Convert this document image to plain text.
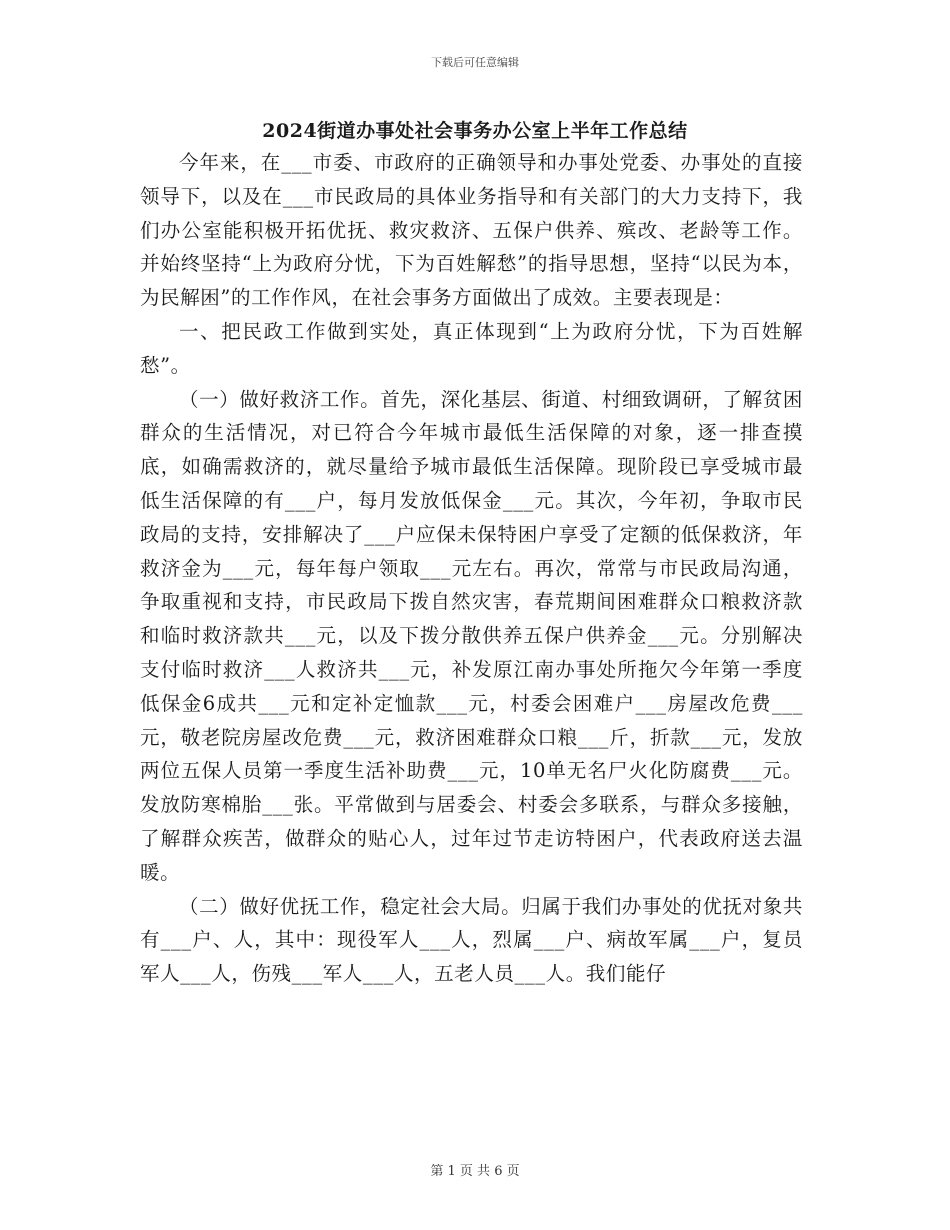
下载后可任意编辑
2024街道办事处社会事务办公室上半年工作总结

今年来，在___市委、市政府的正确领导和办事处党委、办事处的直接领导下，以及在___市民政局的具体业务指导和有关部门的大力支持下，我们办公室能积极开拓优抚、救灾救济、五保户供养、殡改、老龄等工作。并始终坚持“上为政府分忧，下为百姓解愁”的指导思想，坚持“以民为本，为民解困”的工作作风，在社会事务方面做出了成效。主要表现是：

一、把民政工作做到实处，真正体现到“上为政府分忧，下为百姓解愁”。

（一）做好救济工作。首先，深化基层、街道、村细致调研，了解贫困群众的生活情况，对已符合今年城市最低生活保障的对象，逐一排查摸底，如确需救济的，就尽量给予城市最低生活保障。现阶段已享受城市最低生活保障的有___户，每月发放低保金___元。其次，今年初，争取市民政局的支持，安排解决了___户应保未保特困户享受了定额的低保救济，年救济金为___元，每年每户领取___元左右。再次，常常与市民政局沟通，争取重视和支持，市民政局下拨自然灾害，春荒期间困难群众口粮救济款和临时救济款共___元，以及下拨分散供养五保户供养金___元。分别解决支付临时救济___人救济共___元，补发原江南办事处所拖欠今年第一季度低保金6成共___元和定补定恤款___元，村委会困难户___房屋改危费___元，敬老院房屋改危费___元，救济困难群众口粮___斤，折款___元，发放两位五保人员第一季度生活补助费___元，10单无名尸火化防腐费___元。发放防寒棉胎___张。平常做到与居委会、村委会多联系，与群众多接触，了解群众疾苦，做群众的贴心人，过年过节走访特困户，代表政府送去温暖。

（二）做好优抚工作，稳定社会大局。归属于我们办事处的优抚对象共有___户、人，其中：现役军人___人，烈属___户、病故军属___户，复员军人___人，伤残___军人___人，五老人员___人。我们能仔

第 1 页 共 6 页
